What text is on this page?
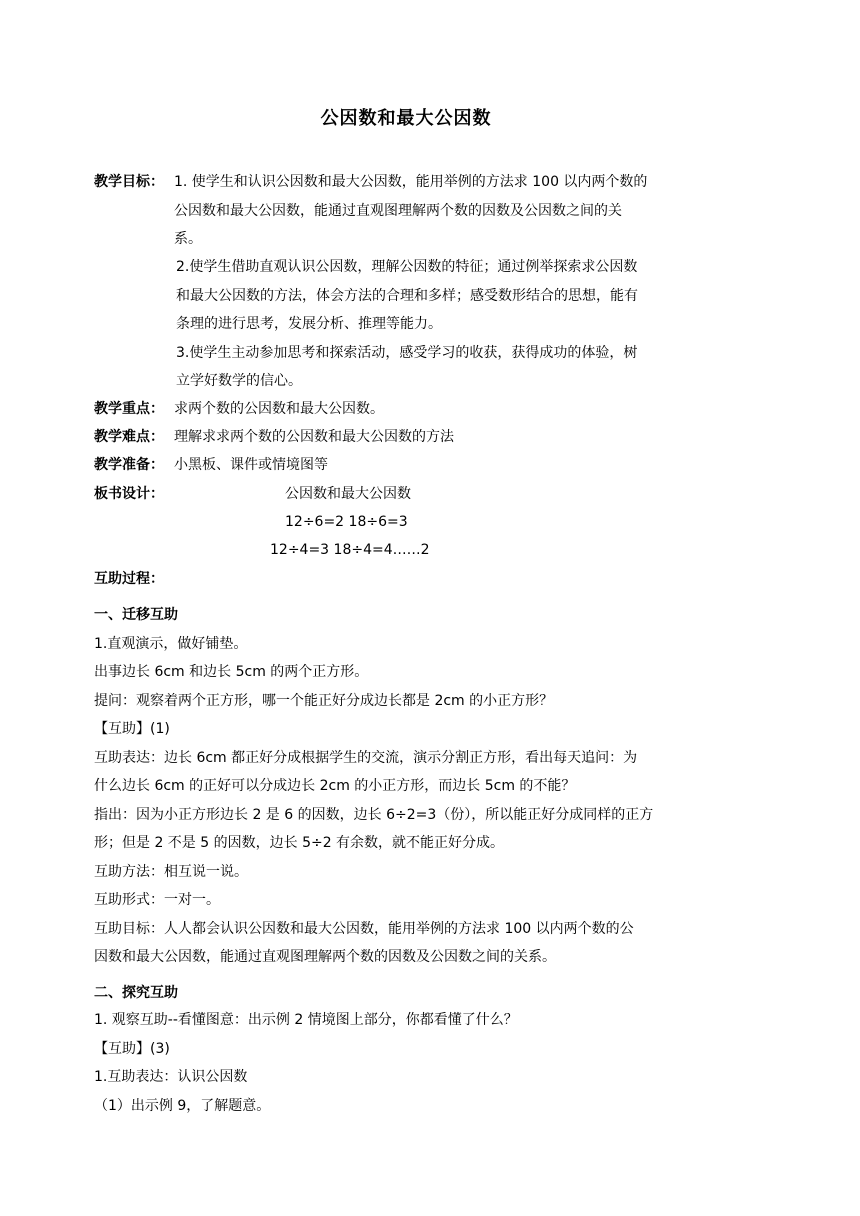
公因数和最大公因数
教学目标： 1. 使学生和认识公因数和最大公因数，能用举例的方法求 100 以内两个数的
公因数和最大公因数，能通过直观图理解两个数的因数及公因数之间的关
系。
2.使学生借助直观认识公因数，理解公因数的特征；通过例举探索求公因数
和最大公因数的方法，体会方法的合理和多样；感受数形结合的思想，能有
条理的进行思考，发展分析、推理等能力。
3.使学生主动参加思考和探索活动，感受学习的收获，获得成功的体验，树
立学好数学的信心。
教学重点： 求两个数的公因数和最大公因数。
教学难点： 理解求求两个数的公因数和最大公因数的方法
教学准备： 小黑板、课件或情境图等
板书设计：	公因数和最大公因数
12÷6=2 18÷6=3
12÷4=3 18÷4=4……2
互助过程：
一、迁移互助
1.直观演示，做好铺垫。
出事边长 6cm 和边长 5cm 的两个正方形。
提问：观察着两个正方形，哪一个能正好分成边长都是 2cm 的小正方形？
【互助】(1)
互助表达：边长 6cm 都正好分成根据学生的交流，演示分割正方形，看出每天追问：为
什么边长 6cm 的正好可以分成边长 2cm 的小正方形，而边长 5cm 的不能？
指出：因为小正方形边长 2 是 6 的因数，边长 6÷2=3（份），所以能正好分成同样的正方
形；但是 2 不是 5 的因数，边长 5÷2 有余数，就不能正好分成。
互助方法：相互说一说。
互助形式：一对一。
互助目标：人人都会认识公因数和最大公因数，能用举例的方法求 100 以内两个数的公
因数和最大公因数，能通过直观图理解两个数的因数及公因数之间的关系。
二、探究互助
1. 观察互助--看懂图意：出示例 2 情境图上部分，你都看懂了什么？
【互助】(3)
1.互助表达：认识公因数
（1）出示例 9，了解题意。
